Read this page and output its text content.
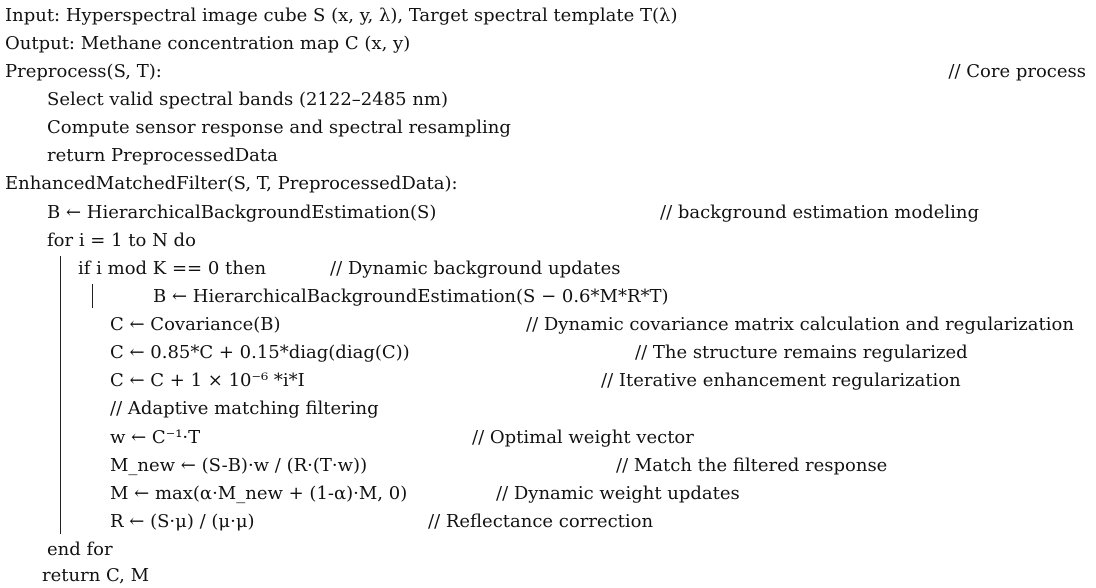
Input: Hyperspectral image cube S (x, y, λ), Target spectral template T(λ)
Output: Methane concentration map C (x, y)
Preprocess(S, T):	// Core process
Select valid spectral bands (2122–2485 nm)
Compute sensor response and spectral resampling
return PreprocessedData
EnhancedMatchedFilter(S, T, PreprocessedData):
B ← HierarchicalBackgroundEstimation(S)	// background estimation modeling
for i = 1 to N do
if i mod K == 0 then	// Dynamic background updates
B ← HierarchicalBackgroundEstimation(S − 0.6*M*R*T)
C ← Covariance(B)	// Dynamic covariance matrix calculation and regularization
C ← 0.85*C + 0.15*diag(diag(C))	// The structure remains regularized
C ← C + 1 × 10⁻⁶ *i*I	// Iterative enhancement regularization
// Adaptive matching filtering
w ← C⁻¹·T	// Optimal weight vector
M_new ← (S-B)·w / (R·(T·w))	// Match the filtered response
M ← max(α·M_new + (1-α)·M, 0)	// Dynamic weight updates
R ← (S·μ) / (μ·μ)	// Reflectance correction
end for
return C, M
